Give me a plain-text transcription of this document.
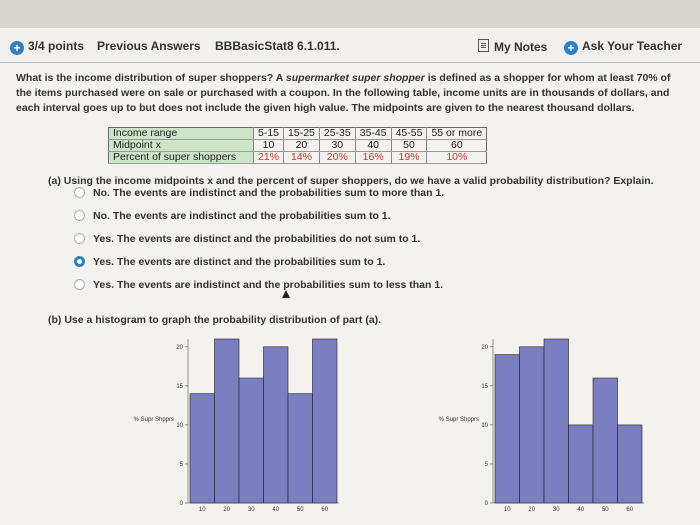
+ 3/4 points Previous Answers BBBasicStat8 6.1.011.	My Notes + Ask Your Teacher
What is the income distribution of super shoppers? A supermarket super shopper is defined as a shopper for whom at least 70% of the items purchased were on sale or purchased with a coupon. In the following table, income units are in thousands of dollars, and each interval goes up to but does not include the given high value. The midpoints are given to the nearest thousand dollars.
Income range	5-15	15-25	25-35	35-45	45-55	55 or more
Midpoint x	10	20	30	40	50	60
Percent of super shoppers	21%	14%	20%	16%	19%	10%
(a) Using the income midpoints x and the percent of super shoppers, do we have a valid probability distribution? Explain.
No. The events are indistinct and the probabilities sum to more than 1.
No. The events are indistinct and the probabilities sum to 1.
Yes. The events are distinct and the probabilities do not sum to 1.
Yes. The events are distinct and the probabilities sum to 1.
Yes. The events are indistinct and the probabilities sum to less than 1.
(b) Use a histogram to graph the probability distribution of part (a).
0
5
10
15
20
% Supr Shpprs
10	20	30	40	50	60
0
5
10
15
20
% Supr Shpprs
10	20	30	40	50	60
